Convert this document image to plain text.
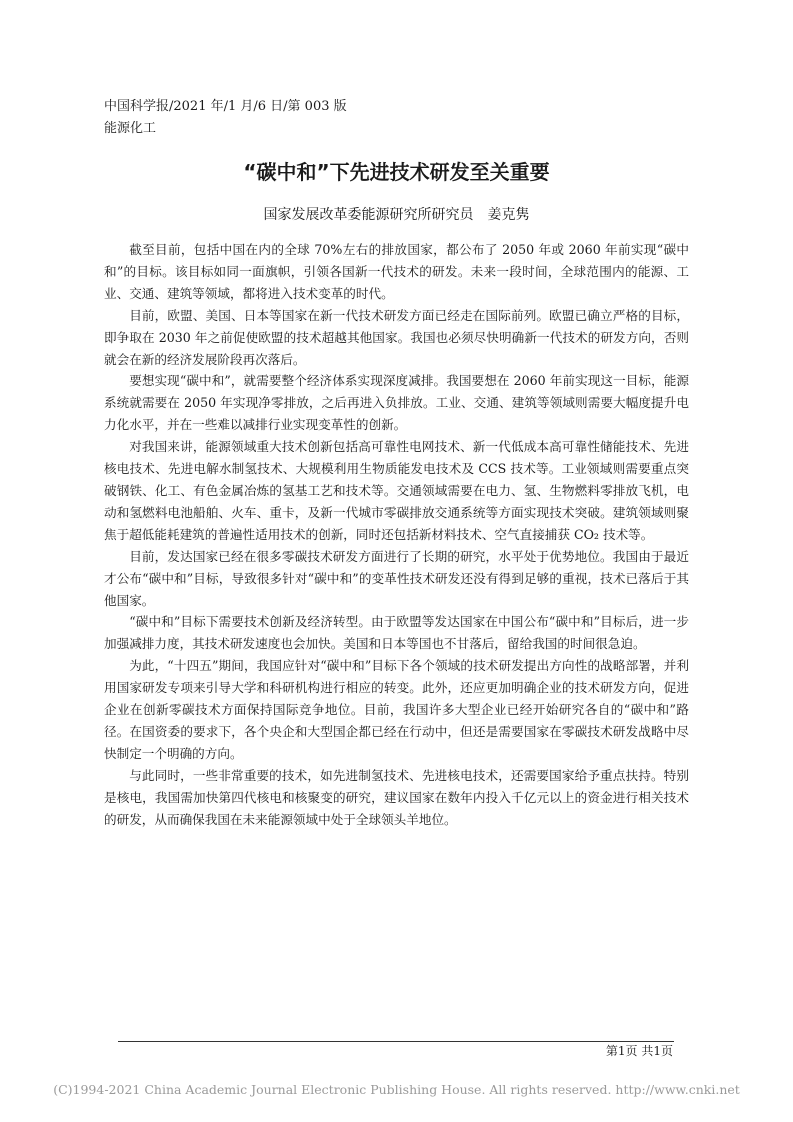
中国科学报/2021 年/1 月/6 日/第 003 版
能源化工
“碳中和”下先进技术研发至关重要
国家发展改革委能源研究所研究员 姜克隽

截至目前，包括中国在内的全球 70%左右的排放国家，都公布了 2050 年或 2060 年前实现“碳中和”的目标。该目标如同一面旗帜，引领各国新一代技术的研发。未来一段时间，全球范围内的能源、工业、交通、建筑等领域，都将进入技术变革的时代。

目前，欧盟、美国、日本等国家在新一代技术研发方面已经走在国际前列。欧盟已确立严格的目标，即争取在 2030 年之前促使欧盟的技术超越其他国家。我国也必须尽快明确新一代技术的研发方向，否则就会在新的经济发展阶段再次落后。

要想实现“碳中和”，就需要整个经济体系实现深度减排。我国要想在 2060 年前实现这一目标，能源系统就需要在 2050 年实现净零排放，之后再进入负排放。工业、交通、建筑等领域则需要大幅度提升电力化水平，并在一些难以减排行业实现变革性的创新。

对我国来讲，能源领域重大技术创新包括高可靠性电网技术、新一代低成本高可靠性储能技术、先进核电技术、先进电解水制氢技术、大规模利用生物质能发电技术及 CCS 技术等。工业领域则需要重点突破钢铁、化工、有色金属冶炼的氢基工艺和技术等。交通领域需要在电力、氢、生物燃料零排放飞机，电动和氢燃料电池船舶、火车、重卡，及新一代城市零碳排放交通系统等方面实现技术突破。建筑领域则聚焦于超低能耗建筑的普遍性适用技术的创新，同时还包括新材料技术、空气直接捕获 CO₂ 技术等。

目前，发达国家已经在很多零碳技术研发方面进行了长期的研究，水平处于优势地位。我国由于最近才公布“碳中和”目标，导致很多针对“碳中和”的变革性技术研发还没有得到足够的重视，技术已落后于其他国家。

“碳中和”目标下需要技术创新及经济转型。由于欧盟等发达国家在中国公布“碳中和”目标后，进一步加强减排力度，其技术研发速度也会加快。美国和日本等国也不甘落后，留给我国的时间很急迫。

为此，“十四五”期间，我国应针对“碳中和”目标下各个领域的技术研发提出方向性的战略部署，并利用国家研发专项来引导大学和科研机构进行相应的转变。此外，还应更加明确企业的技术研发方向，促进企业在创新零碳技术方面保持国际竞争地位。目前，我国许多大型企业已经开始研究各自的“碳中和”路径。在国资委的要求下，各个央企和大型国企都已经在行动中，但还是需要国家在零碳技术研发战略中尽快制定一个明确的方向。

与此同时，一些非常重要的技术，如先进制氢技术、先进核电技术，还需要国家给予重点扶持。特别是核电，我国需加快第四代核电和核聚变的研究，建议国家在数年内投入千亿元以上的资金进行相关技术的研发，从而确保我国在未来能源领域中处于全球领头羊地位。

第1页 共1页
(C)1994-2021 China Academic Journal Electronic Publishing House. All rights reserved. http://www.cnki.net
